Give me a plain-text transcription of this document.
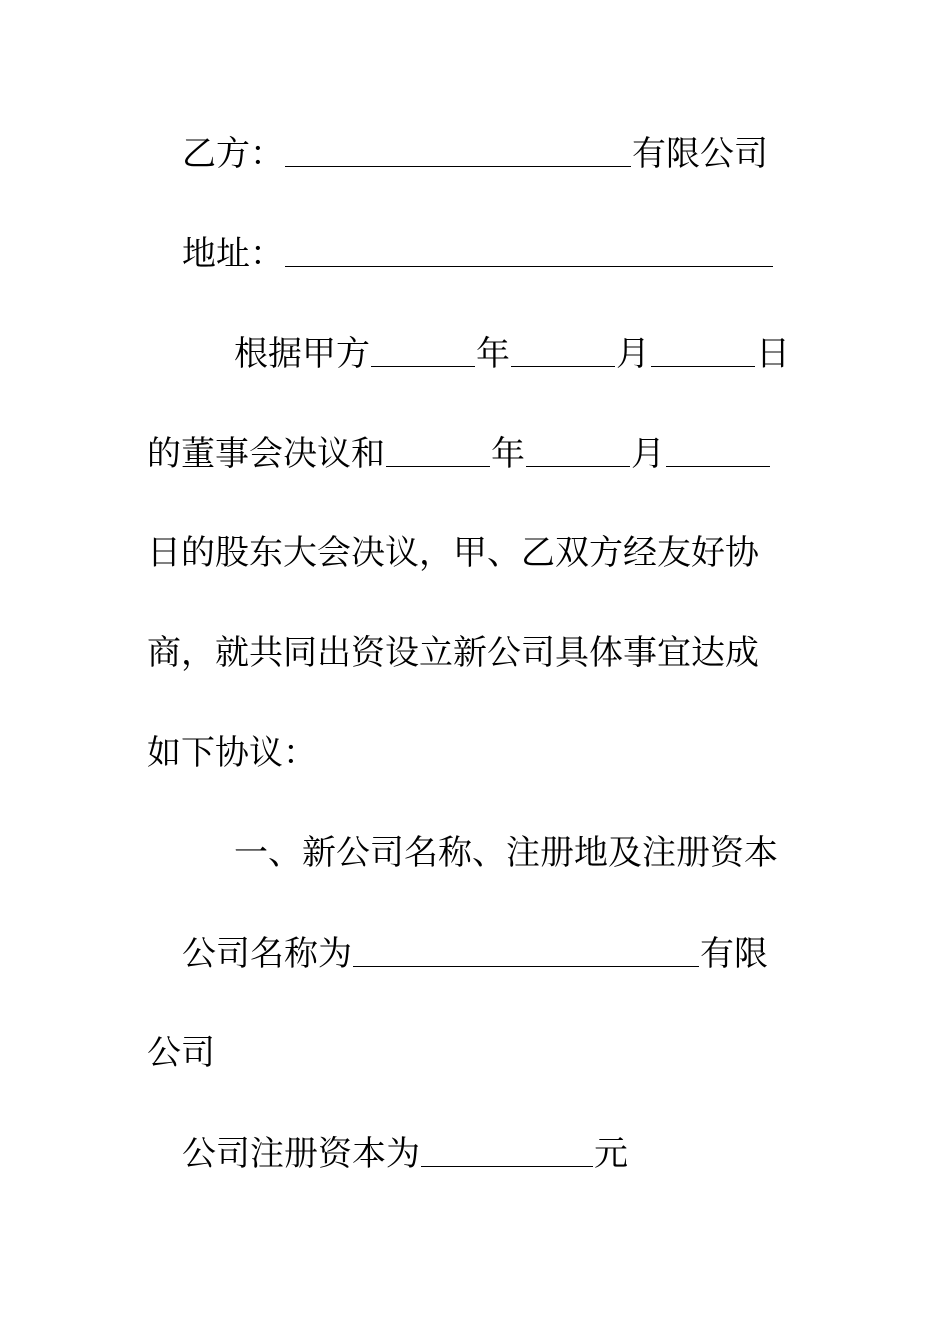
乙方：	有限公司
地址：
根据甲方	年	月	日
的董事会决议和	年	月
日的股东大会决议，甲、乙双方经友好协
商，就共同出资设立新公司具体事宜达成
如下协议：
一、新公司名称、注册地及注册资本
公司名称为	有限
公司
公司注册资本为	元
